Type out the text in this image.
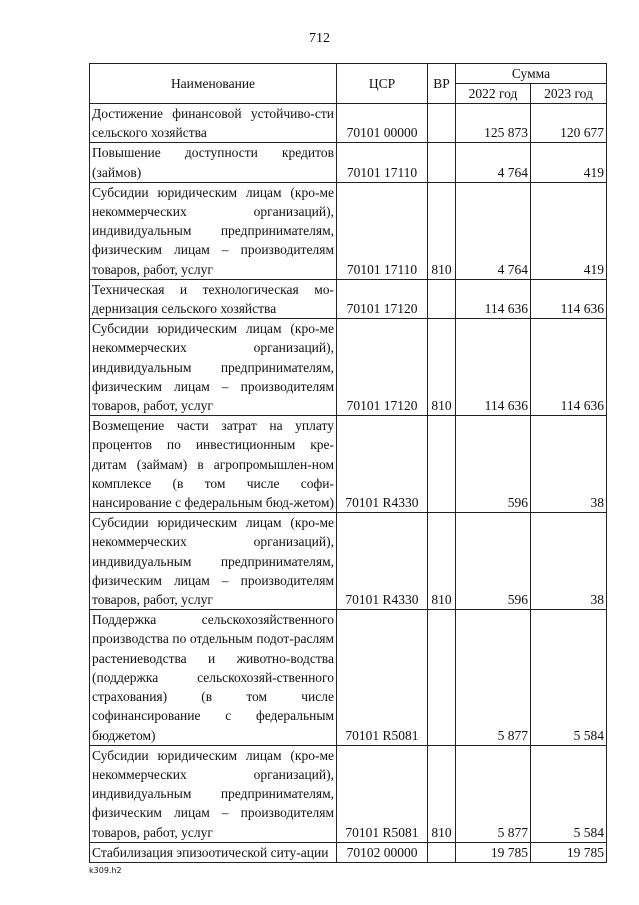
712
Наименование	ЦСР	ВР	Сумма	
			2022 год	2023 год
Достижение финансовой устойчиво-сти сельского хозяйства	70101 00000		125 873	120 677
Повышение доступности кредитов (займов)	70101 17110		4 764	419
Субсидии юридическим лицам (кро-ме некоммерческих организаций), индивидуальным предпринимателям, физическим лицам – производителям товаров, работ, услуг	70101 17110	810	4 764	419
Техническая и технологическая мо-дернизация сельского хозяйства	70101 17120		114 636	114 636
Субсидии юридическим лицам (кро-ме некоммерческих организаций), индивидуальным предпринимателям, физическим лицам – производителям товаров, работ, услуг	70101 17120	810	114 636	114 636
Возмещение части затрат на уплату процентов по инвестиционным кре-дитам (займам) в агропромышлен-ном комплексе (в том числе софи-нансирование с федеральным бюд-жетом)	70101 R4330		596	38
Субсидии юридическим лицам (кро-ме некоммерческих организаций), индивидуальным предпринимателям, физическим лицам – производителям товаров, работ, услуг	70101 R4330	810	596	38
Поддержка сельскохозяйственного производства по отдельным подот-раслям растениеводства и животно-водства (поддержка сельскохозяй-ственного страхования) (в том числе софинансирование с федеральным бюджетом)	70101 R5081		5 877	5 584
Субсидии юридическим лицам (кро-ме некоммерческих организаций), индивидуальным предпринимателям, физическим лицам – производителям товаров, работ, услуг	70101 R5081	810	5 877	5 584
Стабилизация эпизоотической ситу-ации	70102 00000		19 785	19 785
k309.h2
